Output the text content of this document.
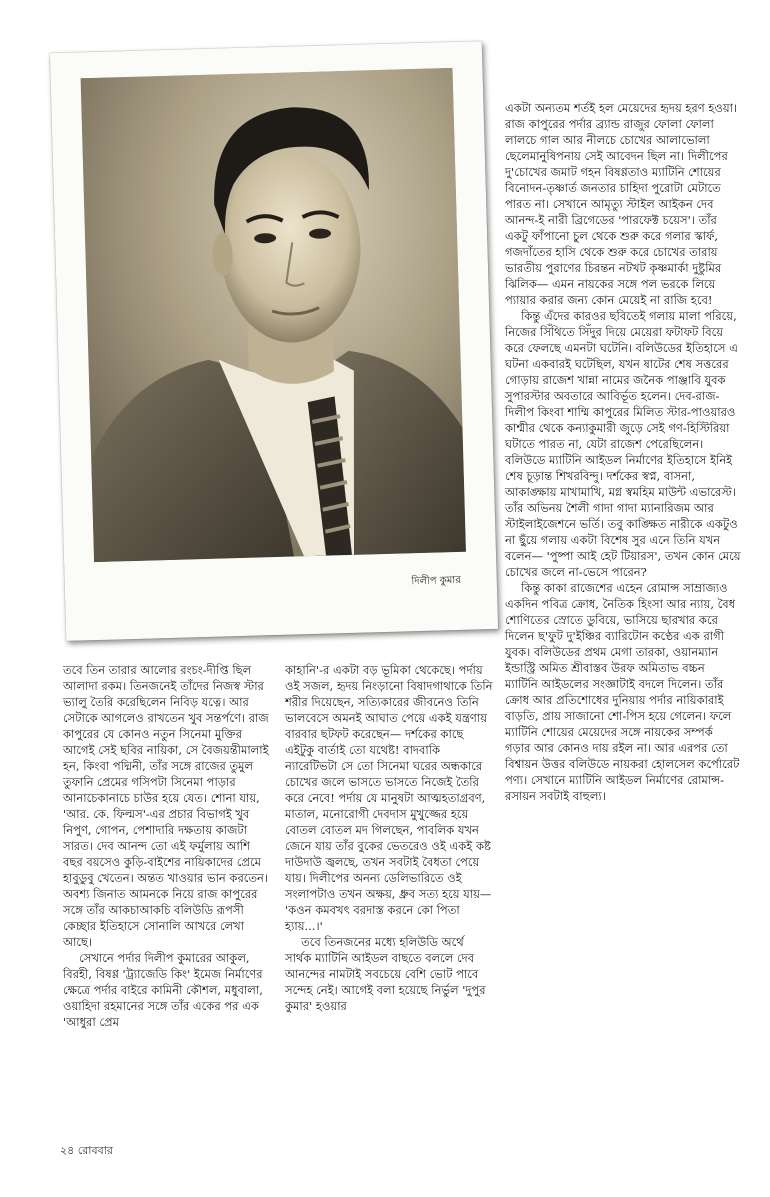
দিলীপ কুমার

একটা অন্যতম শর্তই হল মেয়েদের হৃদয় হরণ হওয়া। রাজ কাপুরের পর্দার ব্র্যান্ড রাজুর ফোলা ফোলা লালচে গাল আর নীলচে চোখের আলাভোলা ছেলেমানুষিপনায় সেই আবেদন ছিল না। দিলীপের দু'চোখের জমাট গহন বিষণ্ণতাও ম্যাটিনি শোয়ের বিনোদন-তৃষ্ণার্ত জনতার চাহিদা পুরোটা মেটাতে পারত না। সেখানে আমৃত্যু স্টাইল আইকন দেব আনন্দ-ই নারী ব্রিগেডের 'পারফেক্ট চয়েস'। তাঁর একটু ফাঁপানো চুল থেকে শুরু করে গলার স্কার্ফ, গজদাঁতের হাসি থেকে শুরু করে চোখের তারায় ভারতীয় পুরাণের চিরন্তন নটখট কৃষ্ণমার্কা দুষ্টুমির ঝিলিক— এমন নায়কের সঙ্গে পল ভরকে লিয়ে প্যায়ার করার জন্য কোন মেয়েই না রাজি হবে!

কিন্তু এঁদের কারওর ছবিতেই গলায় মালা পরিয়ে, নিজের সিঁথিতে সিঁদুর দিয়ে মেয়েরা ফটাফট বিয়ে করে ফেলছে এমনটা ঘটেনি। বলিউডের ইতিহাসে এ ঘটনা একবারই ঘটেছিল, যখন ষাটের শেষ সত্তরের গোড়ায় রাজেশ খান্না নামের জনৈক পাঞ্জাবি যুবক সুপারস্টার অবতারে আবির্ভূত হলেন। দেব-রাজ-দিলীপ কিংবা শাম্মি কাপুরের মিলিত স্টার-পাওয়ারও কাশ্মীর থেকে কন্যাকুমারী জুড়ে সেই গণ-হিস্টিরিয়া ঘটাতে পারত না, যেটা রাজেশ পেরেছিলেন। বলিউডে ম্যাটিনি আইডল নির্মাণের ইতিহাসে ইনিই শেষ চূড়ান্ত শিখরবিন্দু। দর্শকের স্বপ্ন, বাসনা, আকাঙ্ক্ষায় মাখামাখি, মগ্ন স্বমহিম মাউন্ট এভারেস্ট। তাঁর অভিনয় শৈলী গাদা গাদা ম্যানারিজম আর স্টাইলাইজেশনে ভর্তি। তবু কাঙ্ক্ষিত নারীকে একটুও না ছুঁয়ে গলায় একটা বিশেষ সুর এনে তিনি যখন বলেন— 'পুষ্পা আই হেট টিয়ারস', তখন কোন মেয়ে চোখের জলে না-ভেসে পারেন?

কিন্তু কাকা রাজেশের এহেন রোমান্স সাম্রাজ্যও একদিন পবিত্র ক্রোধ, নৈতিক হিংসা আর ন্যায়, বৈধ শোণিতের স্রোতে ডুবিয়ে, ভাসিয়ে ছারখার করে দিলেন ছ'ফুট দু'ইঞ্চির ব্যারিটোন কণ্ঠের এক রাগী যুবক। বলিউডের প্রথম মেগা তারকা, ওয়ানম্যান ইন্ডাস্ট্রি অমিত শ্রীবাস্তব উরফ অমিতাভ বচ্চন ম্যাটিনি আইডলের সংজ্ঞাটাই বদলে দিলেন। তাঁর ক্রোধ আর প্রতিশোধের দুনিয়ায় পর্দার নায়িকারাই বাড়তি, প্রায় সাজানো শো-পিস হয়ে গেলেন। ফলে ম্যাটিনি শোয়ের মেয়েদের সঙ্গে নায়কের সম্পর্ক গড়ার আর কোনও দায় রইল না। আর এরপর তো বিশ্বায়ন উত্তর বলিউডে নায়করা হোলসেল কর্পোরেট পণ্য। সেখানে ম্যাটিনি আইডল নির্মাণের রোমান্স-রসায়ন সবটাই বাহুল্য।

তবে তিন তারার আলোর রংচং-দীপ্তি ছিল আলাদা রকম। তিনজনেই তাঁদের নিজস্ব স্টার ভ্যালু তৈরি করেছিলেন নিবিড় যত্নে। আর সেটাকে আগলেও রাখতেন খুব সন্তর্পণে। রাজ কাপুরের যে কোনও নতুন সিনেমা মুক্তির আগেই সেই ছবির নায়িকা, সে বৈজয়ন্তীমালাই হন, কিংবা পদ্মিনী, তাঁর সঙ্গে রাজের তুমুল তুফানি প্রেমের গসিপটা সিনেমা পাড়ার আনাচেকানাচে চাউর হয়ে যেত। শোনা যায়, 'আর. কে. ফিল্মস'-এর প্রচার বিভাগই খুব নিপুণ, গোপন, পেশাদারি দক্ষতায় কাজটা সারত। দেব আনন্দ তো এই ফর্মুলায় আশি বছর বয়সেও কুড়ি-বাইশের নায়িকাদের প্রেমে হাবুডুবু খেতেন। অন্তত খাওয়ার ভান করতেন। অবশ্য জিনাত আমনকে নিয়ে রাজ কাপুরের সঙ্গে তাঁর আকচাআকচি বলিউডি রূপসী কেচ্ছার ইতিহাসে সোনালি আখরে লেখা আছে।

সেখানে পর্দার দিলীপ কুমারের আকুল, বিরহী, বিষণ্ণ 'ট্র্যাজেডি কিং' ইমেজ নির্মাণের ক্ষেত্রে পর্দার বাইরে কামিনী কৌশল, মধুবালা, ওয়াহিদা রহমানের সঙ্গে তাঁর একের পর এক 'আধুরা প্রেম

কাহানি'-র একটা বড় ভূমিকা থেকেছে। পর্দায় ওই সজল, হৃদয় নিংড়ানো বিষাদগাথাকে তিনি শরীর দিয়েছেন, সত্যিকারের জীবনেও তিনি ভালবেসে অমনই আঘাত পেয়ে একই যন্ত্রণায় বারবার ছটফট করেছেন— দর্শকের কাছে এইটুকু বার্তাই তো যথেষ্ট! বাদবাকি ন্যারেটিভটা সে তো সিনেমা ঘরের অন্ধকারে চোখের জলে ভাসতে ভাসতে নিজেই তৈরি করে নেবে! পর্দায় যে মানুষটা আত্মহতাগ্রবণ, মাতাল, মনোরোগী দেবদাস মুখুজ্জের হয়ে বোতল বোতল মদ গিলছেন, পাবলিক যখন জেনে যায় তাঁর বুকের ভেতরেও ওই একই কষ্ট দাউদাউ জ্বলছে, তখন সবটাই বৈধতা পেয়ে যায়। দিলীপের অনন্য ডেলিভারিতে ওই সংলাপটাও তখন অক্ষয়, ধ্রুব সত্য হয়ে যায়— 'কওন কমবখৎ বরদাস্ত করনে কো পিতা হ্যায়...।'

তবে তিনজনের মধ্যে হলিউডি অর্থে সার্থক ম্যাটিনি আইডল বাছতে বললে দেব আনন্দের নামটাই সবচেয়ে বেশি ভোট পাবে সন্দেহ নেই। আগেই বলা হয়েছে নির্ভুল 'দুপুর কুমার' হওয়ার

২৪ রোববার
